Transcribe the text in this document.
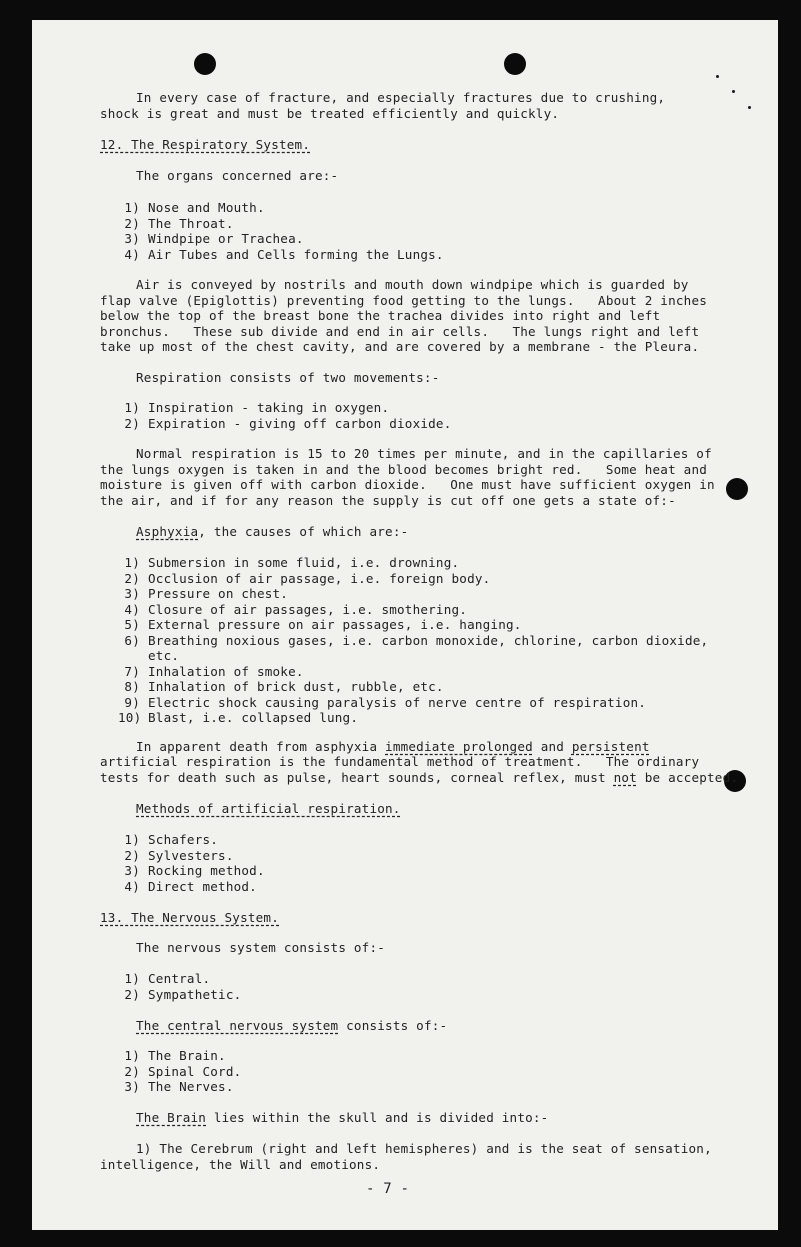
In every case of fracture, and especially fractures due to crushing,
shock is great and must be treated efficiently and quickly.
12. The Respiratory System.
The organs concerned are:-
1) Nose and Mouth.
2) The Throat.
3) Windpipe or Trachea.
4) Air Tubes and Cells forming the Lungs.
Air is conveyed by nostrils and mouth down windpipe which is guarded by
flap valve (Epiglottis) preventing food getting to the lungs.   About 2 inches
below the top of the breast bone the trachea divides into right and left
bronchus.   These sub divide and end in air cells.   The lungs right and left
take up most of the chest cavity, and are covered by a membrane - the Pleura.
Respiration consists of two movements:-
1) Inspiration - taking in oxygen.
2) Expiration - giving off carbon dioxide.
Normal respiration is 15 to 20 times per minute, and in the capillaries of
the lungs oxygen is taken in and the blood becomes bright red.   Some heat and
moisture is given off with carbon dioxide.   One must have sufficient oxygen in
the air, and if for any reason the supply is cut off one gets a state of:-
Asphyxia, the causes of which are:-
1) Submersion in some fluid, i.e. drowning.
2) Occlusion of air passage, i.e. foreign body.
3) Pressure on chest.
4) Closure of air passages, i.e. smothering.
5) External pressure on air passages, i.e. hanging.
6) Breathing noxious gases, i.e. carbon monoxide, chlorine, carbon dioxide,
etc.
7) Inhalation of smoke.
8) Inhalation of brick dust, rubble, etc.
9) Electric shock causing paralysis of nerve centre of respiration.
10) Blast, i.e. collapsed lung.
In apparent death from asphyxia immediate prolonged and persistent
artificial respiration is the fundamental method of treatment.   The ordinary
tests for death such as pulse, heart sounds, corneal reflex, must not be accepted.
Methods of artificial respiration.
1) Schafers.
2) Sylvesters.
3) Rocking method.
4) Direct method.
13. The Nervous System.
The nervous system consists of:-
1) Central.
2) Sympathetic.
The central nervous system consists of:-
1) The Brain.
2) Spinal Cord.
3) The Nerves.
The Brain lies within the skull and is divided into:-
1) The Cerebrum (right and left hemispheres) and is the seat of sensation,
intelligence, the Will and emotions.
- 7 -
